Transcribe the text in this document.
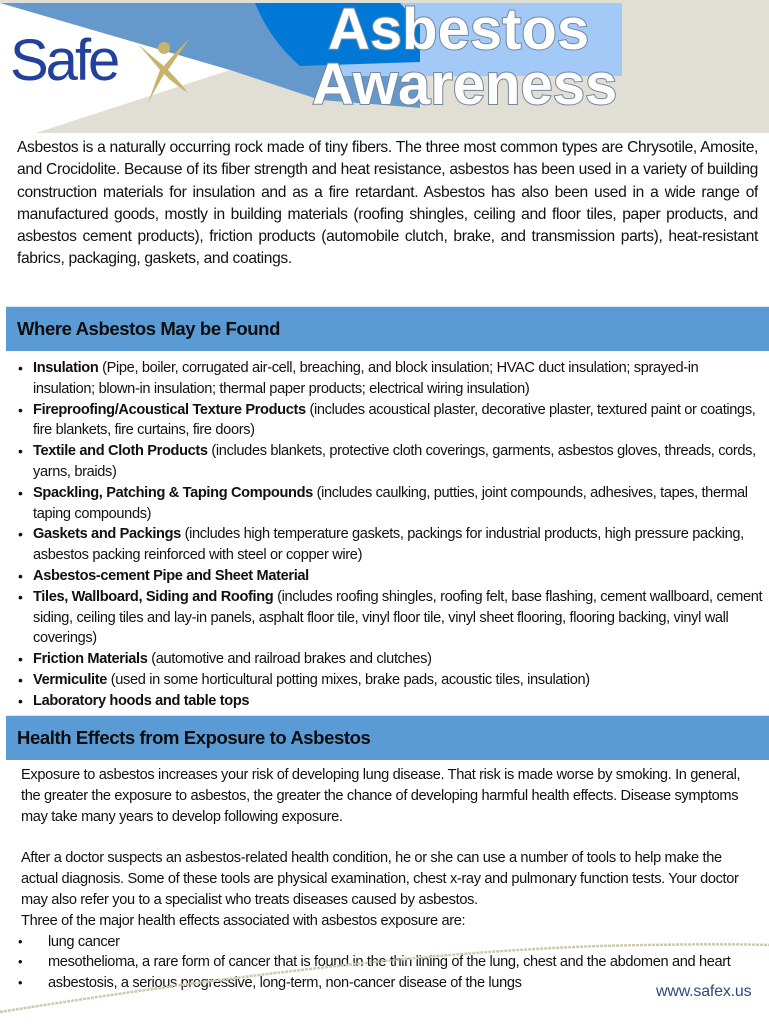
Safe	Asbestos
Awareness

Asbestos is a naturally occurring rock made of tiny fibers. The three most common types are Chrysotile, Amosite, and Crocidolite. Because of its fiber strength and heat resistance, asbestos has been used in a variety of building construction materials for insulation and as a fire retardant. Asbestos has also been used in a wide range of manufactured goods, mostly in building materials (roofing shingles, ceiling and floor tiles, paper products, and asbestos cement products), friction products (automobile clutch, brake, and transmission parts), heat-resistant fabrics, packaging, gaskets, and coatings.

Where Asbestos May be Found
• Insulation (Pipe, boiler, corrugated air-cell, breaching, and block insulation; HVAC duct insulation; sprayed-in insulation; blown-in insulation; thermal paper products; electrical wiring insulation)
• Fireproofing/Acoustical Texture Products (includes acoustical plaster, decorative plaster, textured paint or coatings, fire blankets, fire curtains, fire doors)
• Textile and Cloth Products (includes blankets, protective cloth coverings, garments, asbestos gloves, threads, cords, yarns, braids)
• Spackling, Patching & Taping Compounds (includes caulking, putties, joint compounds, adhesives, tapes, thermal taping compounds)
• Gaskets and Packings (includes high temperature gaskets, packings for industrial products, high pressure packing, asbestos packing reinforced with steel or copper wire)
• Asbestos-cement Pipe and Sheet Material
• Tiles, Wallboard, Siding and Roofing (includes roofing shingles, roofing felt, base flashing, cement wallboard, cement siding, ceiling tiles and lay-in panels, asphalt floor tile, vinyl floor tile, vinyl sheet flooring, flooring backing, vinyl wall coverings)
• Friction Materials (automotive and railroad brakes and clutches)
• Vermiculite (used in some horticultural potting mixes, brake pads, acoustic tiles, insulation)
• Laboratory hoods and table tops
Health Effects from Exposure to Asbestos

Exposure to asbestos increases your risk of developing lung disease. That risk is made worse by smoking. In general, the greater the exposure to asbestos, the greater the chance of developing harmful health effects. Disease symptoms may take many years to develop following exposure.

After a doctor suspects an asbestos-related health condition, he or she can use a number of tools to help make the actual diagnosis. Some of these tools are physical examination, chest x-ray and pulmonary function tests. Your doctor may also refer you to a specialist who treats diseases caused by asbestos.

Three of the major health effects associated with asbestos exposure are:

• lung cancer
• mesothelioma, a rare form of cancer that is found in the thin lining of the lung, chest and the abdomen and heart
• asbestosis, a serious progressive, long-term, non-cancer disease of the lungs	www.safex.us
